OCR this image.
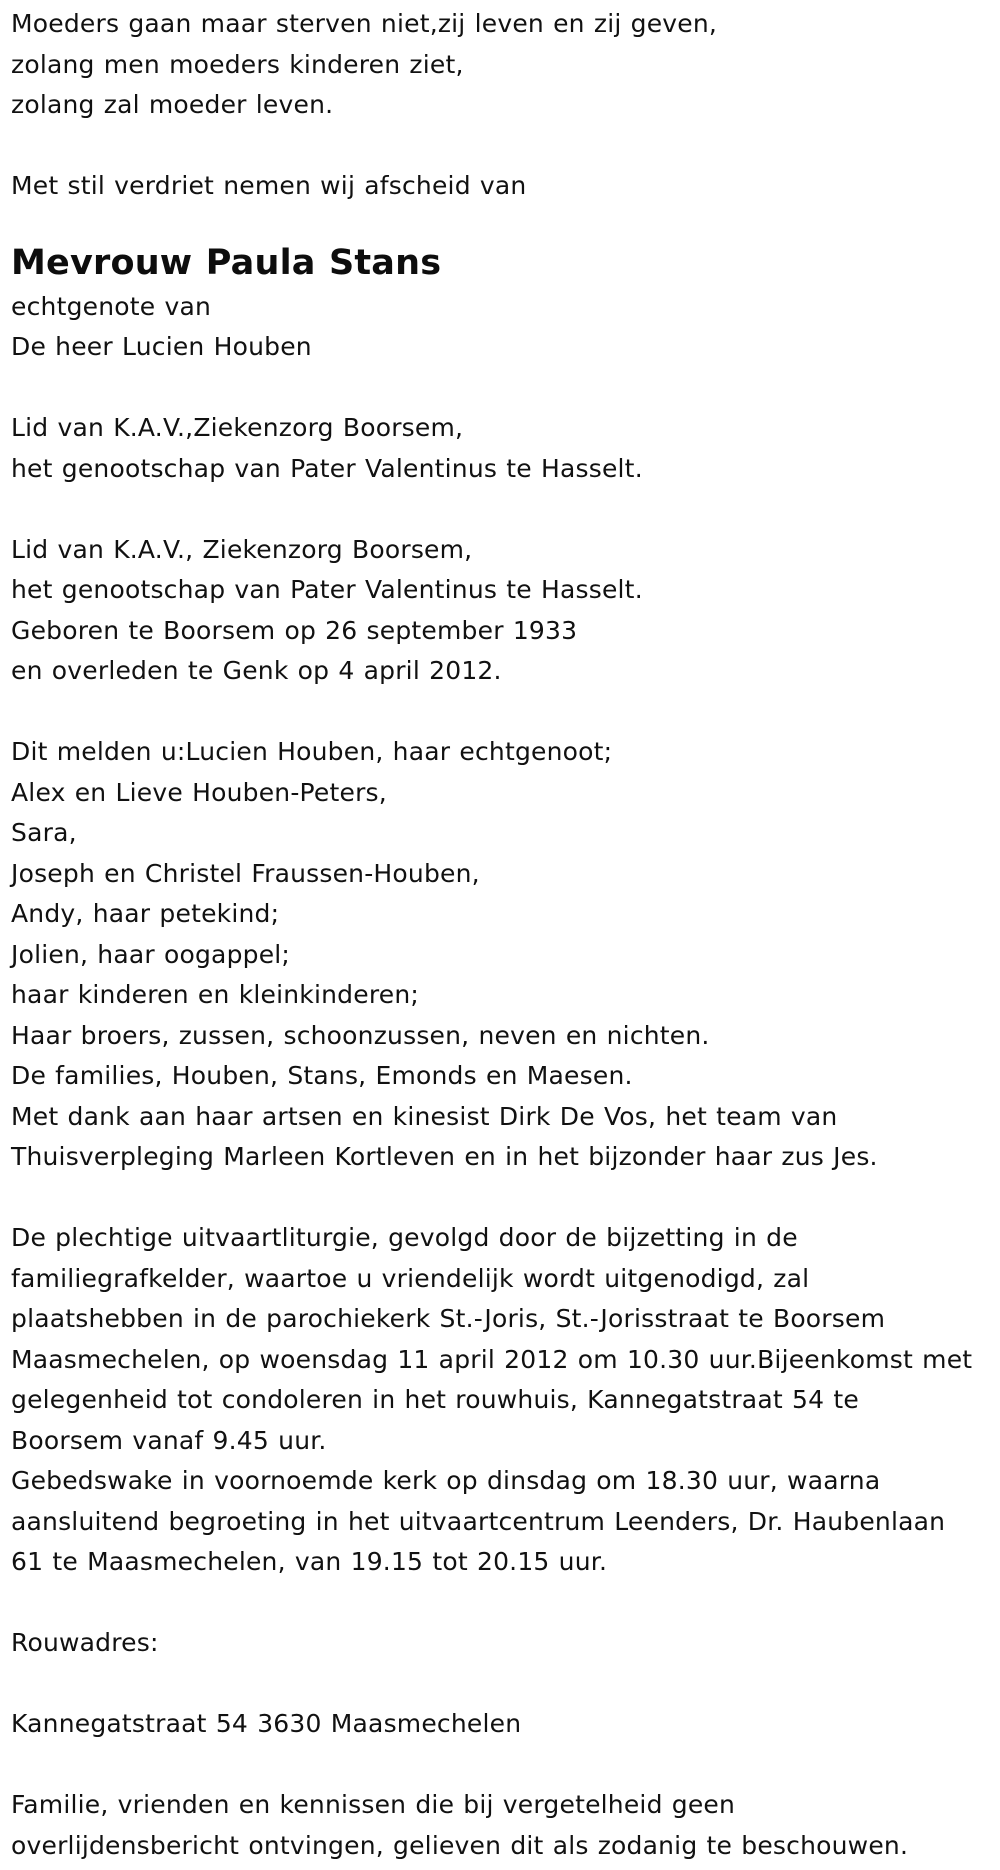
Moeders gaan maar sterven niet,zij leven en zij geven,
zolang men moeders kinderen ziet,
zolang zal moeder leven.
Met stil verdriet nemen wij afscheid van
Mevrouw Paula Stans
echtgenote van
De heer Lucien Houben
Lid van K.A.V.,Ziekenzorg Boorsem,
het genootschap van Pater Valentinus te Hasselt.
Lid van K.A.V., Ziekenzorg Boorsem,
het genootschap van Pater Valentinus te Hasselt.
Geboren te Boorsem op 26 september 1933
en overleden te Genk op 4 april 2012.
Dit melden u:Lucien Houben, haar echtgenoot;
Alex en Lieve Houben-Peters,
Sara,
Joseph en Christel Fraussen-Houben,
Andy, haar petekind;
Jolien, haar oogappel;
haar kinderen en kleinkinderen;
Haar broers, zussen, schoonzussen, neven en nichten.
De families, Houben, Stans, Emonds en Maesen.
Met dank aan haar artsen en kinesist Dirk De Vos, het team van
Thuisverpleging Marleen Kortleven en in het bijzonder haar zus Jes.
De plechtige uitvaartliturgie, gevolgd door de bijzetting in de
familiegrafkelder, waartoe u vriendelijk wordt uitgenodigd, zal
plaatshebben in de parochiekerk St.-Joris, St.-Jorisstraat te Boorsem
Maasmechelen, op woensdag 11 april 2012 om 10.30 uur.Bijeenkomst met
gelegenheid tot condoleren in het rouwhuis, Kannegatstraat 54 te
Boorsem vanaf 9.45 uur.
Gebedswake in voornoemde kerk op dinsdag om 18.30 uur, waarna
aansluitend begroeting in het uitvaartcentrum Leenders, Dr. Haubenlaan
61 te Maasmechelen, van 19.15 tot 20.15 uur.
Rouwadres:
Kannegatstraat 54 3630 Maasmechelen
Familie, vrienden en kennissen die bij vergetelheid geen
overlijdensbericht ontvingen, gelieven dit als zodanig te beschouwen.
